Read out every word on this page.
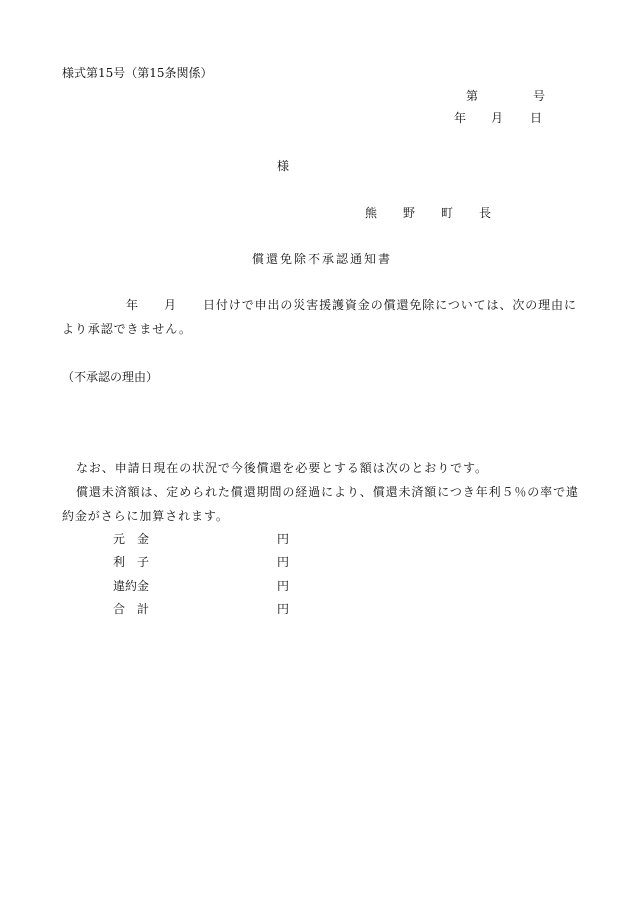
様式第15号（第15条関係）
第	号
年 月 日
様
熊 野 町 長
償還免除不承認通知書
年 月 日付けで申出の災害援護資金の償還免除については、次の理由に
より承認できません。
（不承認の理由）
なお、申請日現在の状況で今後償還を必要とする額は次のとおりです。
償還未済額は、定められた償還期間の経過により、償還未済額につき年利５％の率で違
約金がさらに加算されます。
元　金	円
利　子	円
違約金	円
合　計	円
